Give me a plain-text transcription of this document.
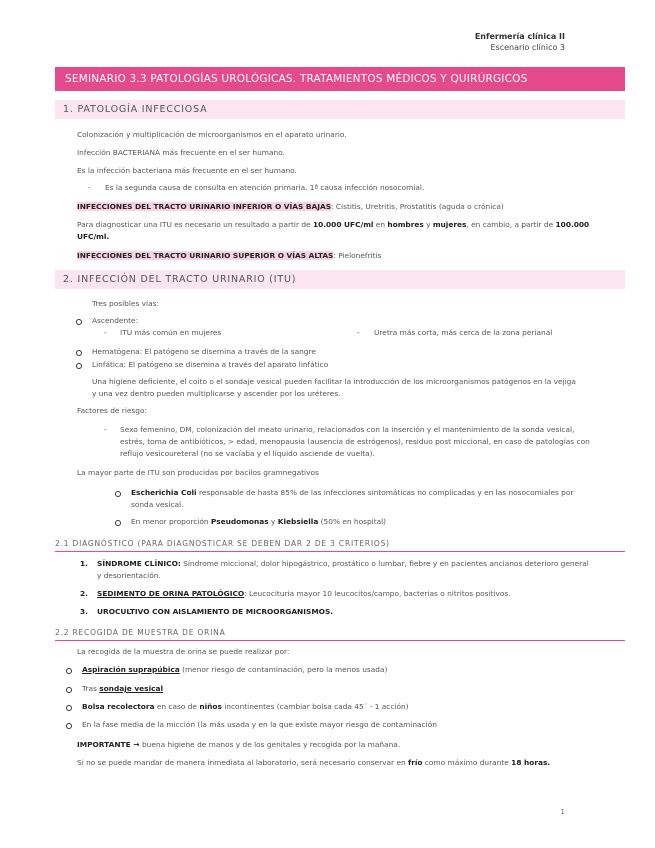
Enfermería clínica II
Escenario clínico 3
SEMINARIO 3.3 PATOLOGÍAS UROLÓGICAS. TRATAMIENTOS MÉDICOS Y QUIRÚRGICOS
1. PATOLOGÍA INFECCIOSA
Colonización y multiplicación de microorganismos en el aparato urinario.
Infección BACTERIANA más frecuente en el ser humano.
Es la infección bacteriana más frecuente en el ser humano.
- Es la segunda causa de consulta en atención primaria. 1ª causa infección nosocomial.
INFECCIONES DEL TRACTO URINARIO INFERIOR O VÍAS BAJAS: Cistitis, Uretritis, Prostatitis (aguda o crónica)
Para diagnosticar una ITU es necesario un resultado a partir de 10.000 UFC/ml en hombres y mujeres, en cambio, a partir de 100.000
UFC/ml.
INFECCIONES DEL TRACTO URINARIO SUPERIOR O VÍAS ALTAS: Pielonefritis
2. INFECCIÓN DEL TRACTO URINARIO (ITU)
Tres posibles vías:
Ascendente:
- ITU más común en mujeres	- Uretra más corta, más cerca de la zona perianal
Hematógena: El patógeno se disemina a través de la sangre
Linfática: El patógeno se disemina a través del aparato linfático
Una higiene deficiente, el coito o el sondaje vesical pueden facilitar la introducción de los microorganismos patógenos en la vejiga
y una vez dentro pueden multiplicarse y ascender por los uréteres.
Factores de riesgo:
- Sexo femenino, DM, colonización del meato urinario, relacionados con la inserción y el mantenimiento de la sonda vesical,
estrés, toma de antibióticos, > edad, menopausia (ausencia de estrógenos), residuo post miccional, en caso de patologías con
reflujo vesicoureteral (no se vacíaba y el líquido asciende de vuelta).
La mayor parte de ITU son producidas por bacilos gramnegativos
Escherichia Coli responsable de hasta 85% de las infecciones sintomáticas no complicadas y en las nosocomiales por
sonda vesical.
En menor proporción Pseudomonas y Klebsiella (50% en hospital)
2.1 DIAGNÓSTICO (PARA DIAGNOSTICAR SE DEBEN DAR 2 DE 3 CRITERIOS)
1. SÍNDROME CLÍNICO: Síndrome miccional, dolor hipogástrico, prostático o lumbar, fiebre y en pacientes ancianos deterioro general
y desorientación.
2. SEDIMENTO DE ORINA PATOLÓGICO: Leucocituria mayor 10 leucocitos/campo, bacterias o nitritos positivos.
3. UROCULTIVO CON AISLAMIENTO DE MICROORGANISMOS.
2.2 RECOGIDA DE MUESTRA DE ORINA
La recogida de la muestra de orina se puede realizar por:
Aspiración suprapúbica (menor riesgo de contaminación, pero la menos usada)
Tras sondaje vesical
Bolsa recolectora en caso de niños incontinentes (cambiar bolsa cada 45´ - 1 acción)
En la fase media de la micción (la más usada y en la que existe mayor riesgo de contaminación
IMPORTANTE → buena higiene de manos y de los genitales y recogida por la mañana.
Si no se puede mandar de manera inmediata al laboratorio, será necesario conservar en frío como máximo durante 18 horas.
1
